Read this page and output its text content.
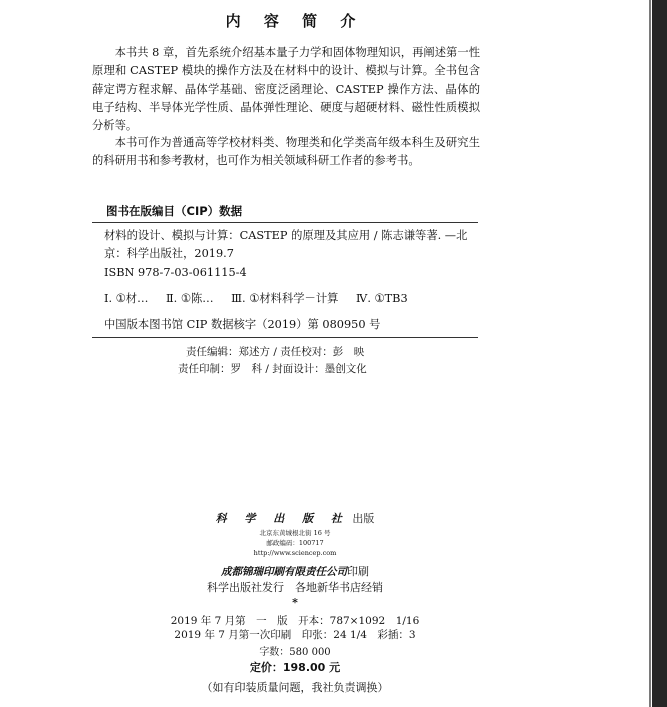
内 容 简 介
本书共 8 章，首先系统介绍基本量子力学和固体物理知识，再阐述第一性原理和 CASTEP 模块的操作方法及在材料中的设计、模拟与计算。全书包含薛定谔方程求解、晶体学基础、密度泛函理论、CASTEP 操作方法、晶体的电子结构、半导体光学性质、晶体弹性理论、硬度与超硬材料、磁性性质模拟分析等。
本书可作为普通高等学校材料类、物理类和化学类高年级本科生及研究生的科研用书和参考教材，也可作为相关领域科研工作者的参考书。
图书在版编目（CIP）数据
材料的设计、模拟与计算：CASTEP 的原理及其应用 / 陈志谦等著. —北京：科学出版社，2019.7
ISBN 978-7-03-061115-4
Ⅰ. ①材… Ⅱ. ①陈… Ⅲ. ①材料科学－计算 Ⅳ. ①TB3
中国版本图书馆 CIP 数据核字（2019）第 080950 号
责任编辑：郑述方 / 责任校对：彭　映
责任印制：罗　科 / 封面设计：墨创文化
科 学 出 版 社 出版
北京东黄城根北街 16 号
邮政编码：100717
http://www.sciencep.com
成都锦瑞印刷有限责任公司印刷
科学出版社发行　各地新华书店经销
*
2019 年 7 月第　一　版　开本：787×1092　1/16
2019 年 7 月第一次印刷　印张：24 1/4　彩插：3
字数：580 000
定价：198.00 元
（如有印装质量问题，我社负责调换）
